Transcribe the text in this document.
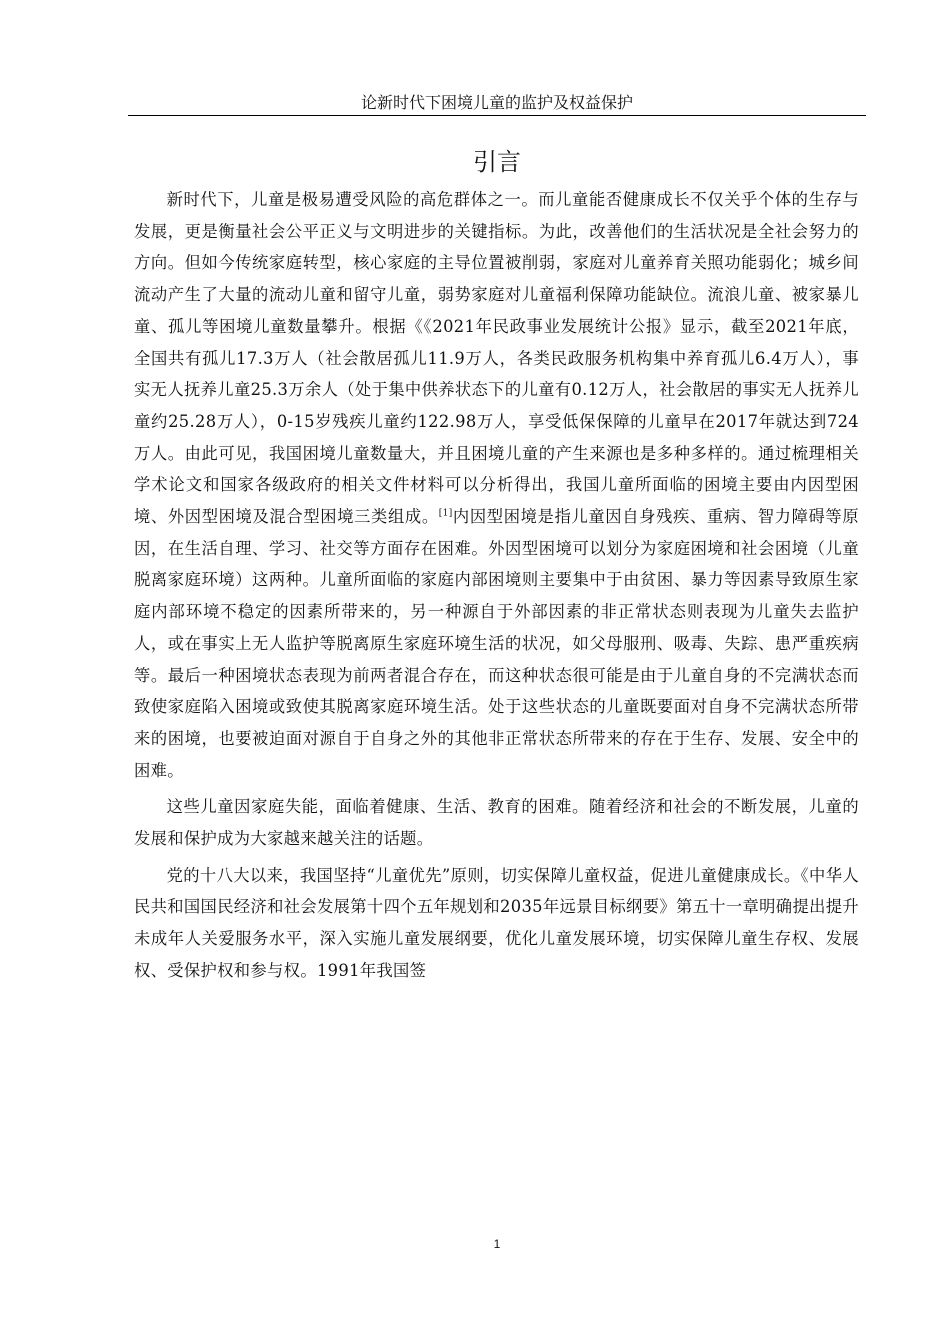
论新时代下困境儿童的监护及权益保护
引言

新时代下，儿童是极易遭受风险的高危群体之一。而儿童能否健康成长不仅关乎个体的生存与发展，更是衡量社会公平正义与文明进步的关键指标。为此，改善他们的生活状况是全社会努力的方向。但如今传统家庭转型，核心家庭的主导位置被削弱，家庭对儿童养育关照功能弱化；城乡间流动产生了大量的流动儿童和留守儿童，弱势家庭对儿童福利保障功能缺位。流浪儿童、被家暴儿童、孤儿等困境儿童数量攀升。根据《《2021年民政事业发展统计公报》显示，截至2021年底，全国共有孤儿17.3万人（社会散居孤儿11.9万人，各类民政服务机构集中养育孤儿6.4万人），事实无人抚养儿童25.3万余人（处于集中供养状态下的儿童有0.12万人，社会散居的事实无人抚养儿童约25.28万人），0-15岁残疾儿童约122.98万人，享受低保保障的儿童早在2017年就达到724万人。由此可见，我国困境儿童数量大，并且困境儿童的产生来源也是多种多样的。通过梳理相关学术论文和国家各级政府的相关文件材料可以分析得出，我国儿童所面临的困境主要由内因型困境、外因型困境及混合型困境三类组成。[1]内因型困境是指儿童因自身残疾、重病、智力障碍等原因，在生活自理、学习、社交等方面存在困难。外因型困境可以划分为家庭困境和社会困境（儿童脱离家庭环境）这两种。儿童所面临的家庭内部困境则主要集中于由贫困、暴力等因素导致原生家庭内部环境不稳定的因素所带来的，另一种源自于外部因素的非正常状态则表现为儿童失去监护人，或在事实上无人监护等脱离原生家庭环境生活的状况，如父母服刑、吸毒、失踪、患严重疾病等。最后一种困境状态表现为前两者混合存在，而这种状态很可能是由于儿童自身的不完满状态而致使家庭陷入困境或致使其脱离家庭环境生活。处于这些状态的儿童既要面对自身不完满状态所带来的困境，也要被迫面对源自于自身之外的其他非正常状态所带来的存在于生存、发展、安全中的困难。

这些儿童因家庭失能，面临着健康、生活、教育的困难。随着经济和社会的不断发展，儿童的发展和保护成为大家越来越关注的话题。

党的十八大以来，我国坚持“儿童优先”原则，切实保障儿童权益，促进儿童健康成长。《中华人民共和国国民经济和社会发展第十四个五年规划和2035年远景目标纲要》第五十一章明确提出提升未成年人关爱服务水平，深入实施儿童发展纲要，优化儿童发展环境，切实保障儿童生存权、发展权、受保护权和参与权。1991年我国签

1
